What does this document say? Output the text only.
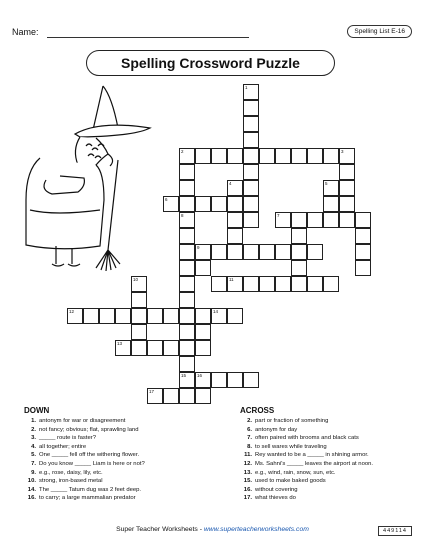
Name:	Spelling List E-16
Spelling Crossword Puzzle
1
2
8
3
4	5
10
15
6
7
9
11
12	14
13
16
17
DOWN
1. antonym for war or disagreement
2. not fancy; obvious; flat, sprawling land
3. _____ route is faster?
4. all together; entire
5. One _____ fell off the withering flower.
7. Do you know _____ Liam is here or not?
9. e.g., rose, daisy, lily, etc.
10. strong, iron-based metal
14. The _____ Tatum dug was 2 feet deep.
16. to carry; a large mammalian predator
ACROSS
2. part or fraction of something
6. antonym for day
7. often paired with brooms and black cats
8. to sell wares while traveling
11. Rey wanted to be a _____ in shining armor.
12. Ms. Sahni's _____ leaves the airport at noon.
13. e.g., wind, rain, snow, sun, etc.
15. used to make baked goods
16. without covering
17. what thieves do
Super Teacher Worksheets - www.superteacherworksheets.com	449114
